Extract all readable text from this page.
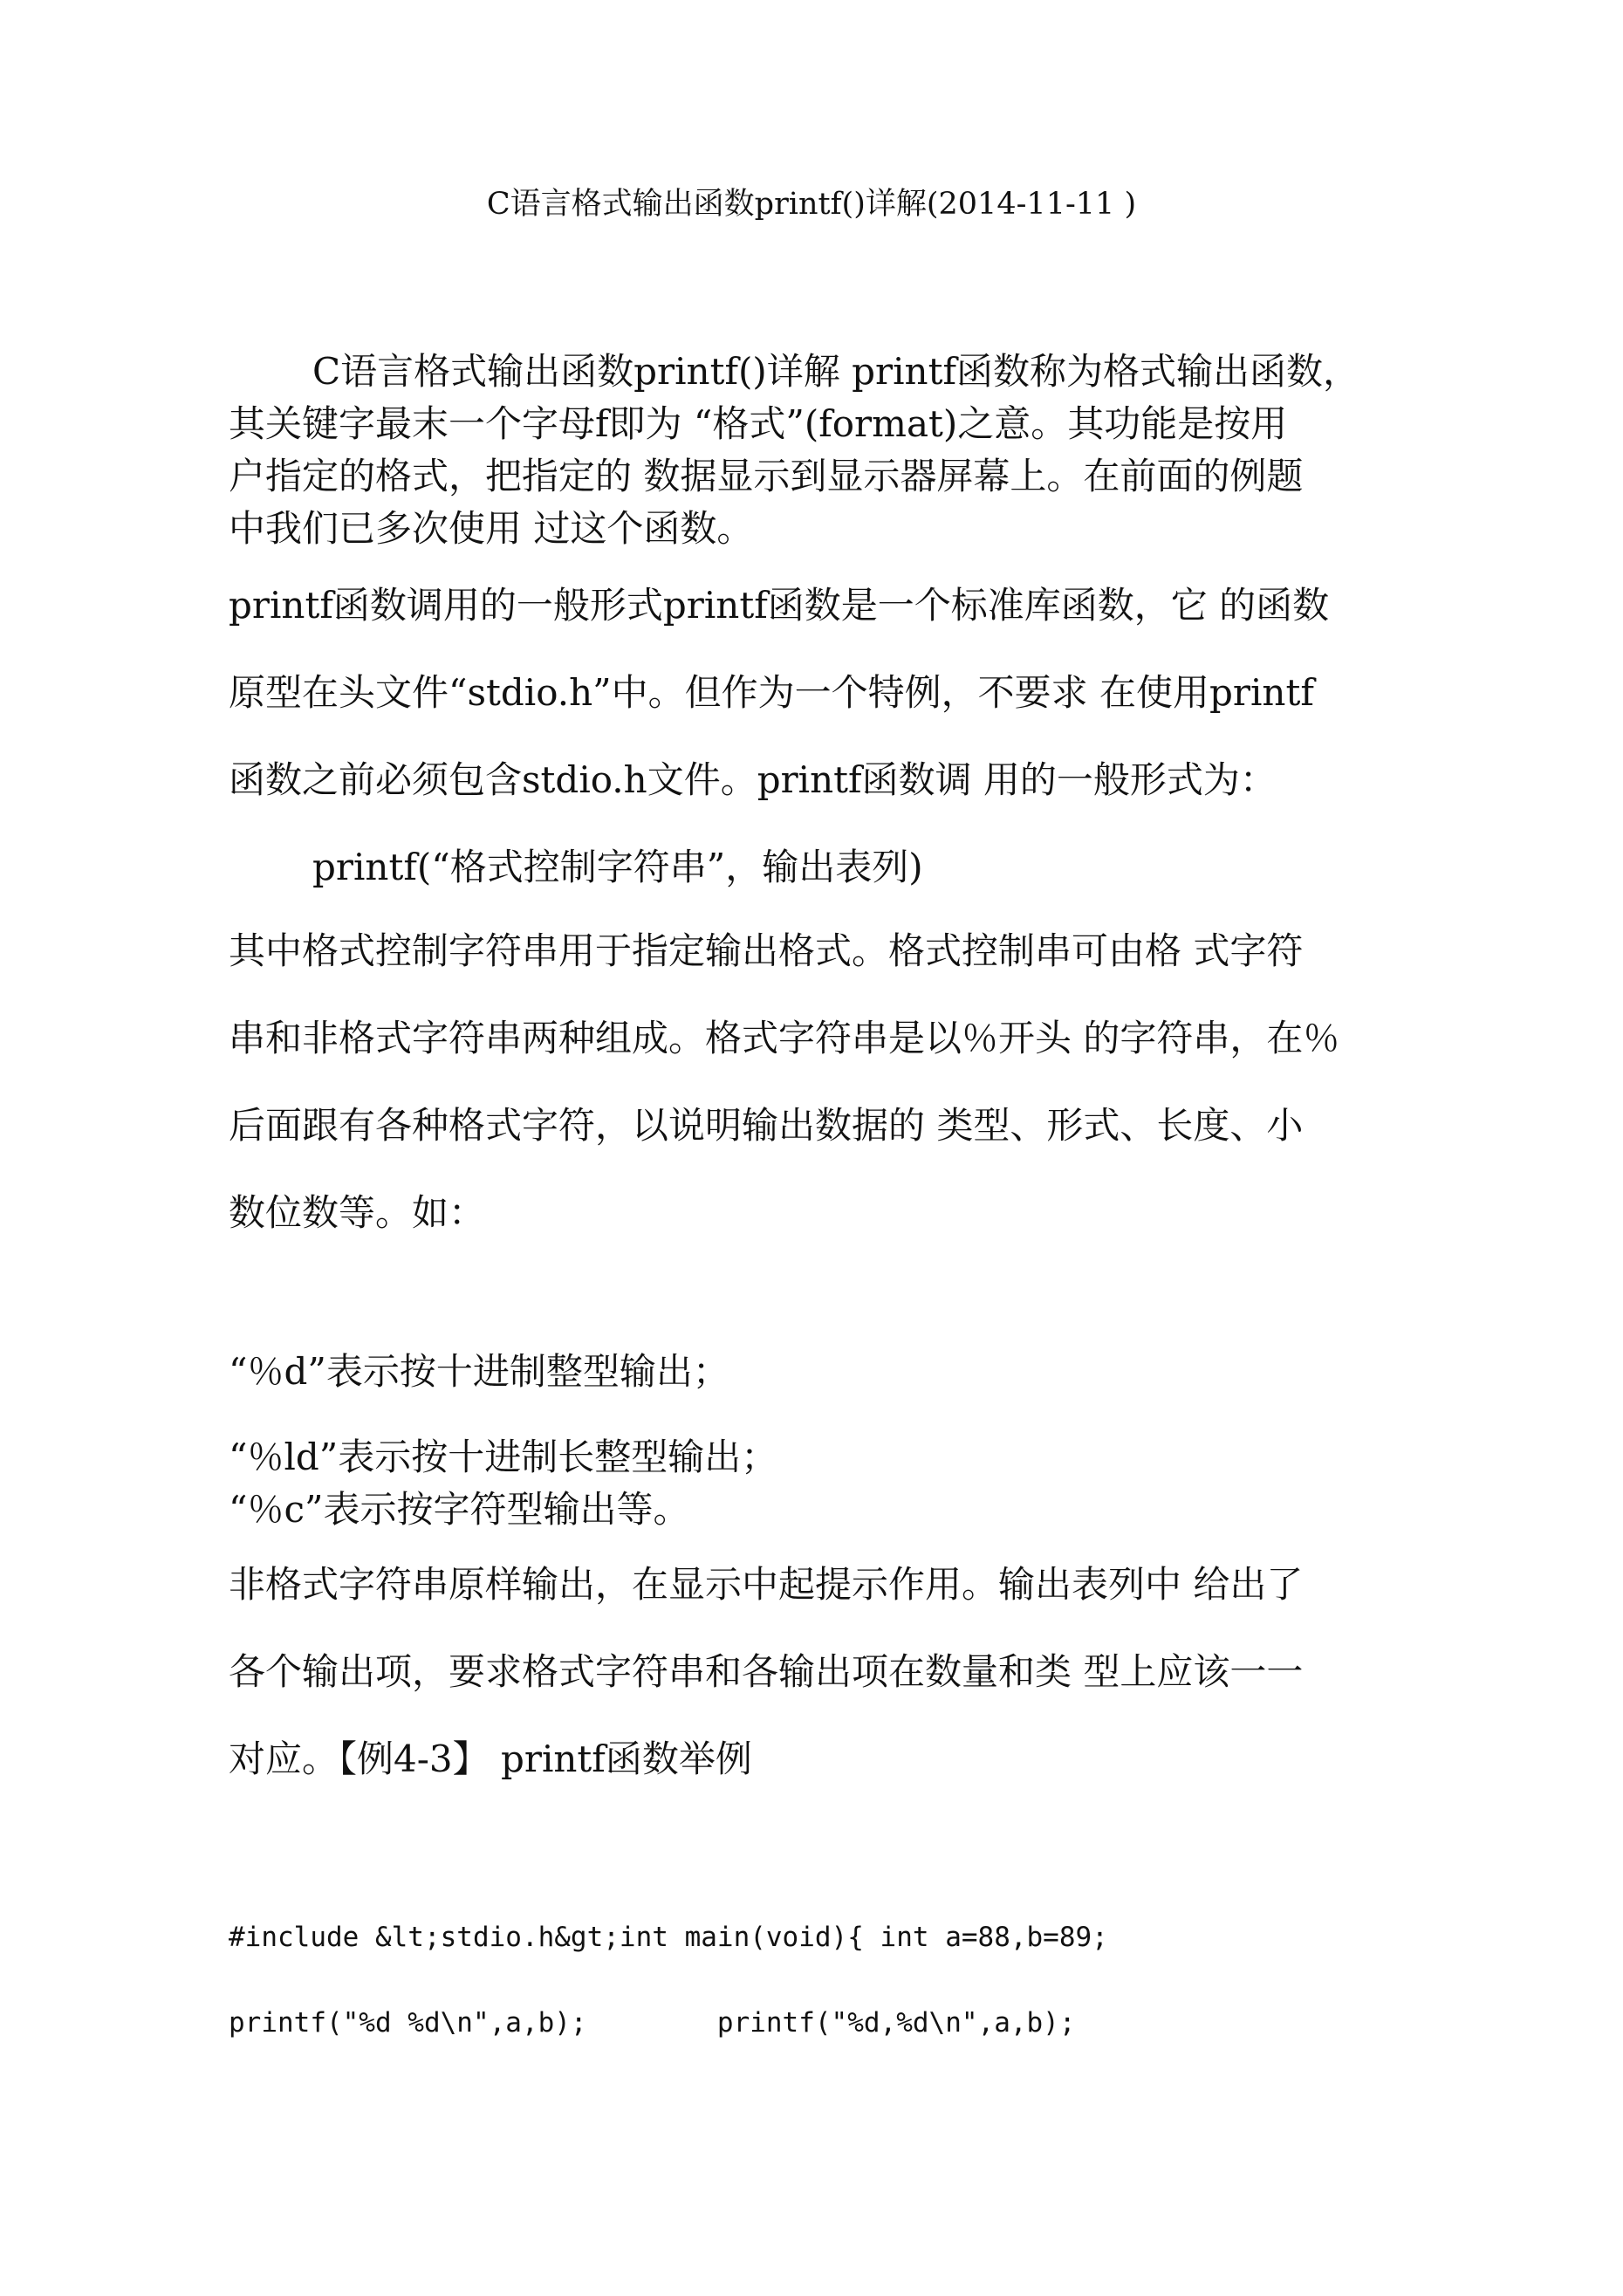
C语言格式输出函数printf()详解(2014-11-11 )
C语言格式输出函数printf()详解 printf函数称为格式输出函数，
其关键字最末一个字母f即为 “格式”(format)之意。其功能是按用
户指定的格式，把指定的 数据显示到显示器屏幕上。在前面的例题
中我们已多次使用 过这个函数。
printf函数调用的一般形式printf函数是一个标准库函数，它 的函数
原型在头文件“stdio.h”中。但作为一个特例，不要求 在使用printf
函数之前必须包含stdio.h文件。printf函数调 用的一般形式为：
printf(“格式控制字符串”，输出表列)
其中格式控制字符串用于指定输出格式。格式控制串可由格 式字符
串和非格式字符串两种组成。格式字符串是以％开头 的字符串，在％
后面跟有各种格式字符，以说明输出数据的 类型、形式、长度、小
数位数等。如：
“％d”表示按十进制整型输出；
“％ld”表示按十进制长整型输出；
“％c”表示按字符型输出等。
非格式字符串原样输出，在显示中起提示作用。输出表列中 给出了
各个输出项，要求格式字符串和各输出项在数量和类 型上应该一一
对应。【例4-3】 printf函数举例
#include &lt;stdio.h&gt;int main(void){ int a=88,b=89;
printf("%d %d\n",a,b);        printf("%d,%d\n",a,b);
